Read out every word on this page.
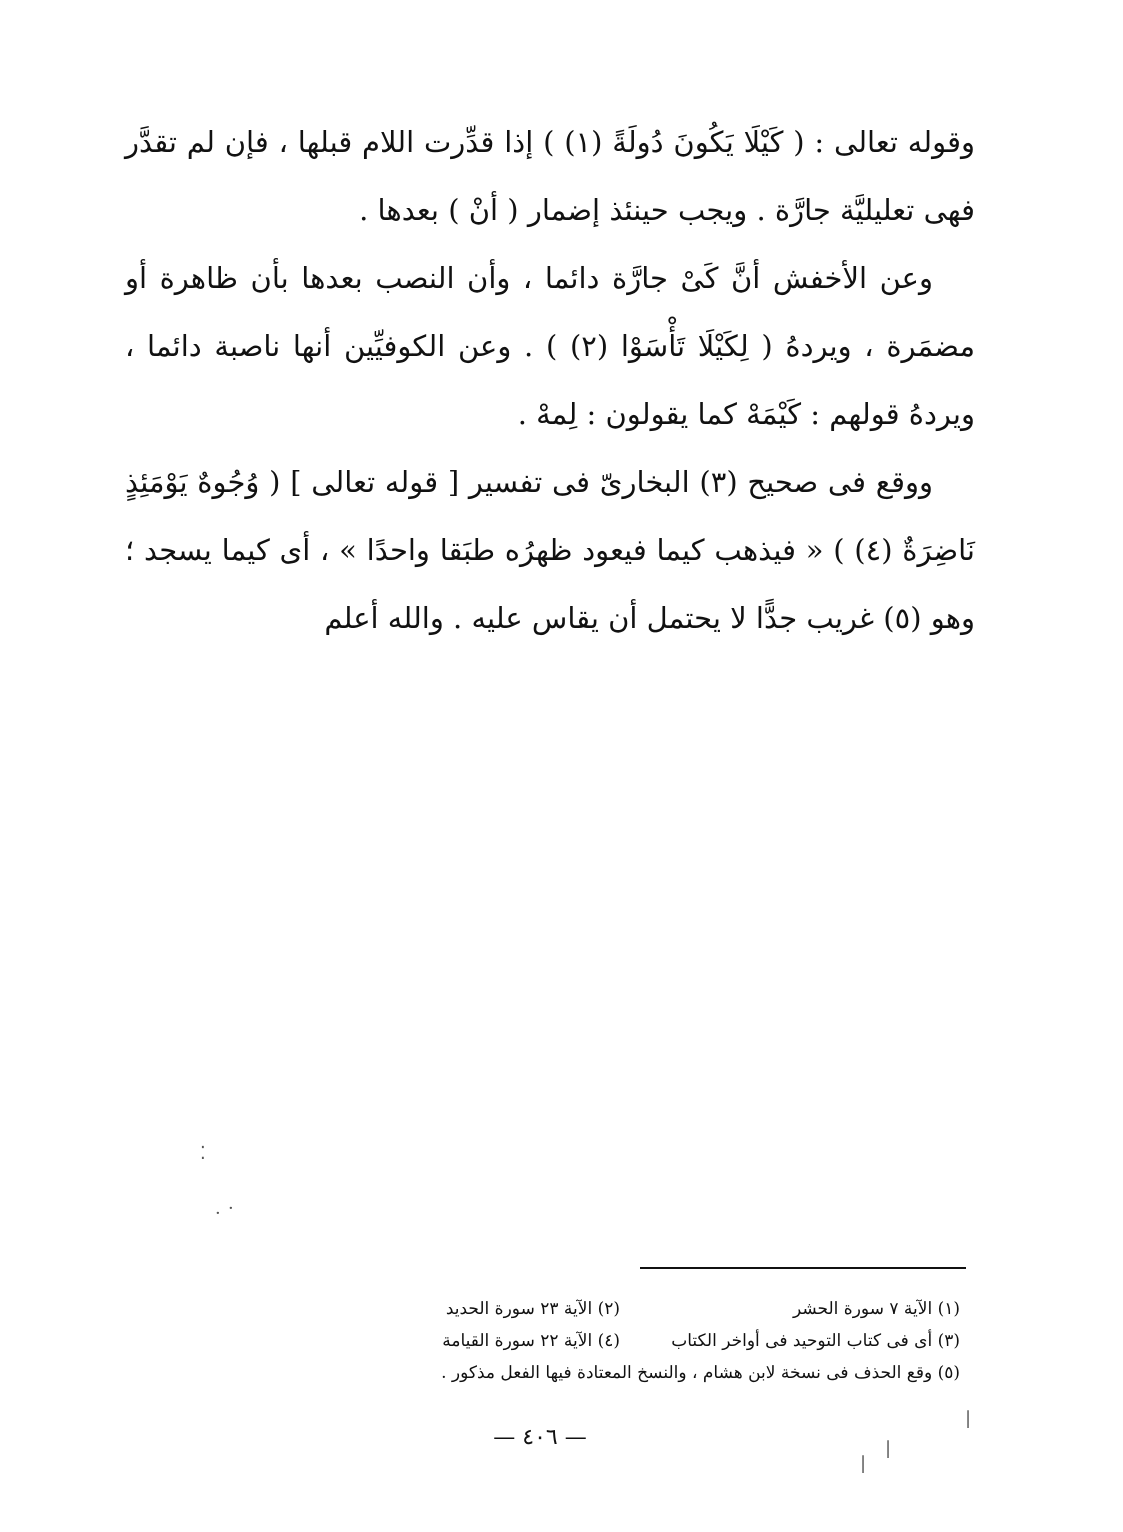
وقوله تعالى : ( كَيْلَا يَكُونَ دُولَةً (١) ) إذا قدِّرت اللام قبلها ، فإن لم تقدَّر فهى تعليليَّة جارَّة . ويجب حينئذ إضمار ( أنْ ) بعدها .

وعن الأخفش أنَّ كَىْ جارَّة دائما ، وأن النصب بعدها بأن ظاهرة أو مضمَرة ، ويردهُ ( لِكَيْلَا تَأْسَوْا (٢) ) . وعن الكوفيِّين أنها ناصبة دائما ، ويردهُ قولهم : كَيْمَهْ كما يقولون : لِمهْ .

ووقع فى صحيح (٣) البخارىّ فى تفسير [ قوله تعالى ] ( وُجُوهٌ يَوْمَئِذٍ نَاضِرَةٌ (٤) ) « فيذهب كيما فيعود ظهرُه طبَقا واحدًا » ، أى كيما يسجد ؛ وهو (٥) غريب جدًّا لا يحتمل أن يقاس عليه . والله أعلم

(١) الآية ٧ سورة الحشر
(٢) الآية ٢٣ سورة الحديد
(٣) أى فى كتاب التوحيد فى أواخر الكتاب
(٤) الآية ٢٢ سورة القيامة
(٥) وقع الحذف فى نسخة لابن هشام ، والنسخ المعتادة فيها الفعل مذكور .
— ٤٠٦ —
⁚
· ·
|
|
|
